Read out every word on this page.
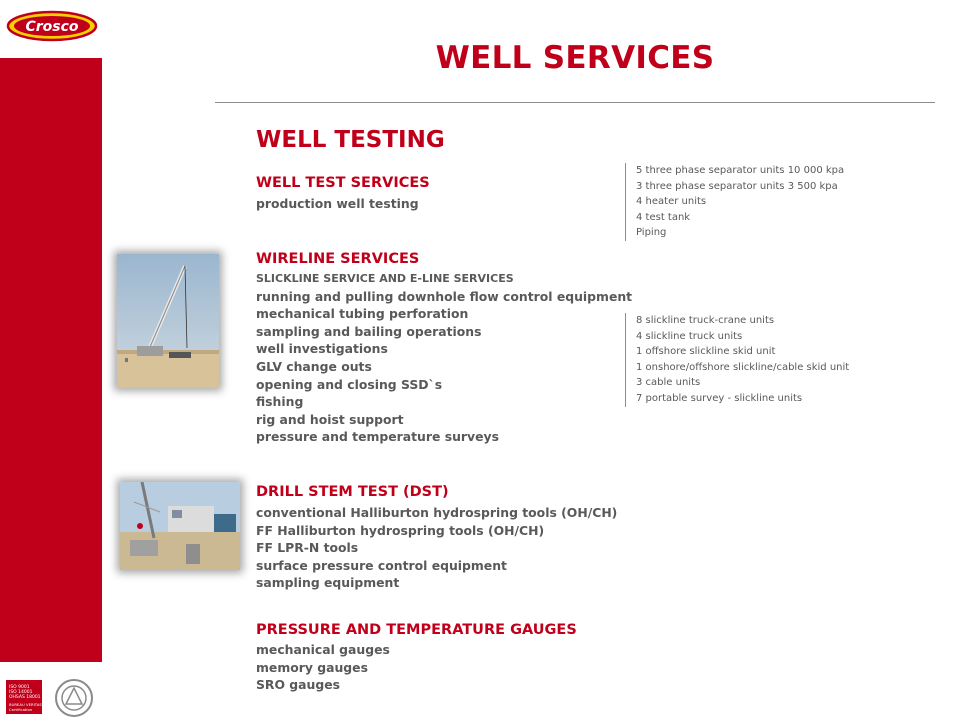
Crosco
ISO 9001
ISO 14001
OHSAS 18001
BUREAU VERITAS
Certification
WELL SERVICES
WELL TESTING
WELL TEST SERVICES
production well testing
5 three phase separator units 10 000 kpa
3 three phase separator units 3 500 kpa
4 heater units
4 test tank
Piping
WIRELINE SERVICES
SLICKLINE SERVICE AND E-LINE SERVICES
running and pulling downhole flow control equipment
mechanical tubing perforation
sampling and bailing operations
well investigations
GLV change outs
opening and closing SSD`s
fishing
rig and hoist support
pressure and temperature surveys
8 slickline truck-crane units
4 slickline truck units
1 offshore slickline skid unit
1 onshore/offshore slickline/cable skid unit
3 cable units
7 portable survey - slickline units
DRILL STEM TEST (DST)
conventional Halliburton hydrospring tools (OH/CH)
FF Halliburton hydrospring tools (OH/CH)
FF LPR-N tools
surface pressure control equipment
sampling equipment
PRESSURE AND TEMPERATURE GAUGES
mechanical gauges
memory gauges
SRO gauges
